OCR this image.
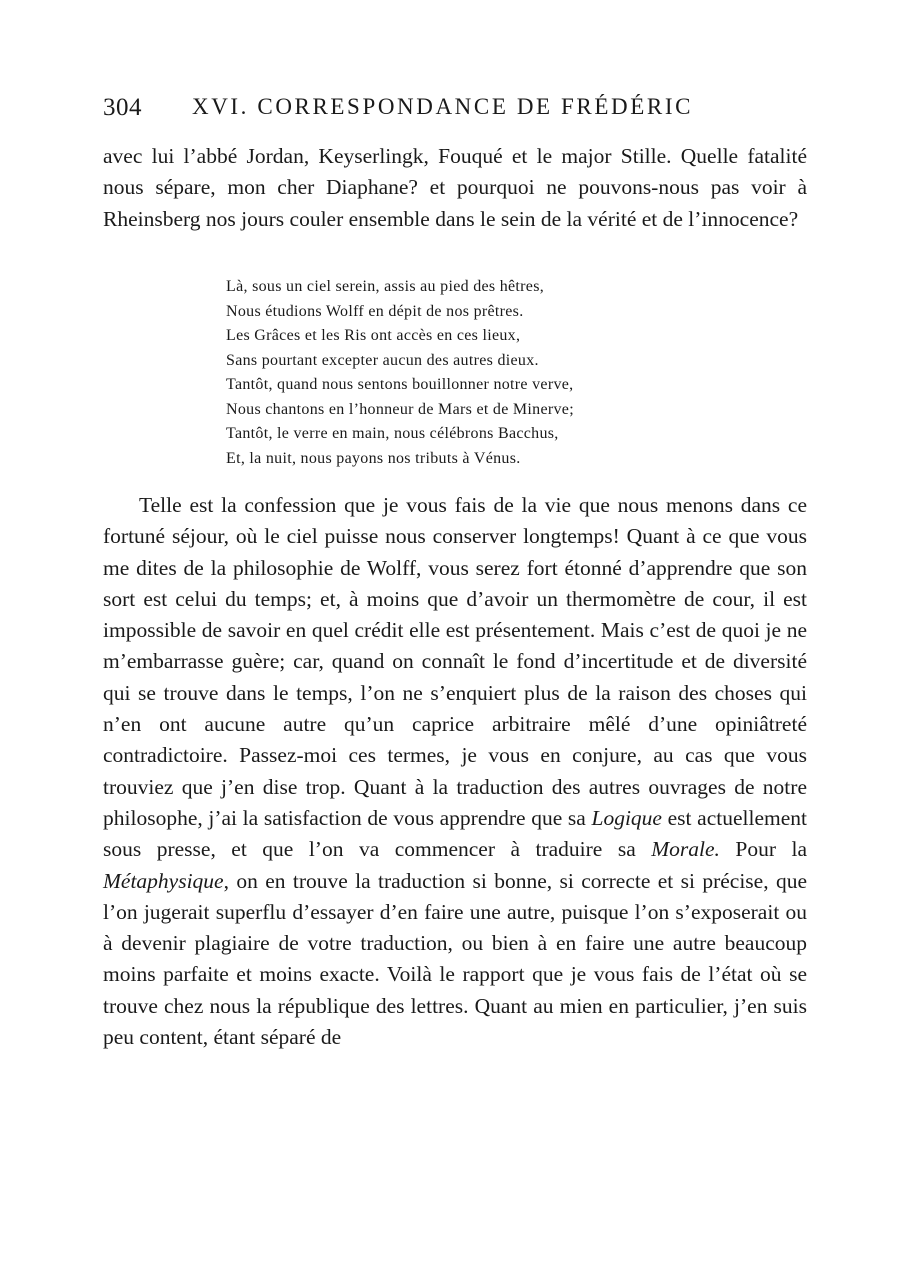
304 XVI. CORRESPONDANCE DE FRÉDÉRIC

avec lui l’abbé Jordan, Keyserlingk, Fouqué et le major Stille. Quelle fatalité nous sépare, mon cher Diaphane? et pourquoi ne pouvons-nous pas voir à Rheinsberg nos jours couler ensemble dans le sein de la vérité et de l’innocence?

Là, sous un ciel serein, assis au pied des hêtres,
Nous étudions Wolff en dépit de nos prêtres.
Les Grâces et les Ris ont accès en ces lieux,
Sans pourtant excepter aucun des autres dieux.
Tantôt, quand nous sentons bouillonner notre verve,
Nous chantons en l’honneur de Mars et de Minerve;
Tantôt, le verre en main, nous célébrons Bacchus,
Et, la nuit, nous payons nos tributs à Vénus.

Telle est la confession que je vous fais de la vie que nous menons dans ce fortuné séjour, où le ciel puisse nous conserver longtemps! Quant à ce que vous me dites de la philosophie de Wolff, vous serez fort étonné d’apprendre que son sort est celui du temps; et, à moins que d’avoir un thermomètre de cour, il est impossible de savoir en quel crédit elle est présentement. Mais c’est de quoi je ne m’embarrasse guère; car, quand on connaît le fond d’incertitude et de diversité qui se trouve dans le temps, l’on ne s’enquiert plus de la raison des choses qui n’en ont aucune autre qu’un caprice arbitraire mêlé d’une opiniâtreté contradictoire. Passez-moi ces termes, je vous en conjure, au cas que vous trouviez que j’en dise trop. Quant à la traduction des autres ouvrages de notre philosophe, j’ai la satisfaction de vous apprendre que sa Logique est actuellement sous presse, et que l’on va commencer à traduire sa Morale. Pour la Métaphysique, on en trouve la traduction si bonne, si correcte et si précise, que l’on jugerait superflu d’essayer d’en faire une autre, puisque l’on s’exposerait ou à devenir plagiaire de votre traduction, ou bien à en faire une autre beaucoup moins parfaite et moins exacte. Voilà le rapport que je vous fais de l’état où se trouve chez nous la république des lettres. Quant au mien en particulier, j’en suis peu content, étant séparé de
